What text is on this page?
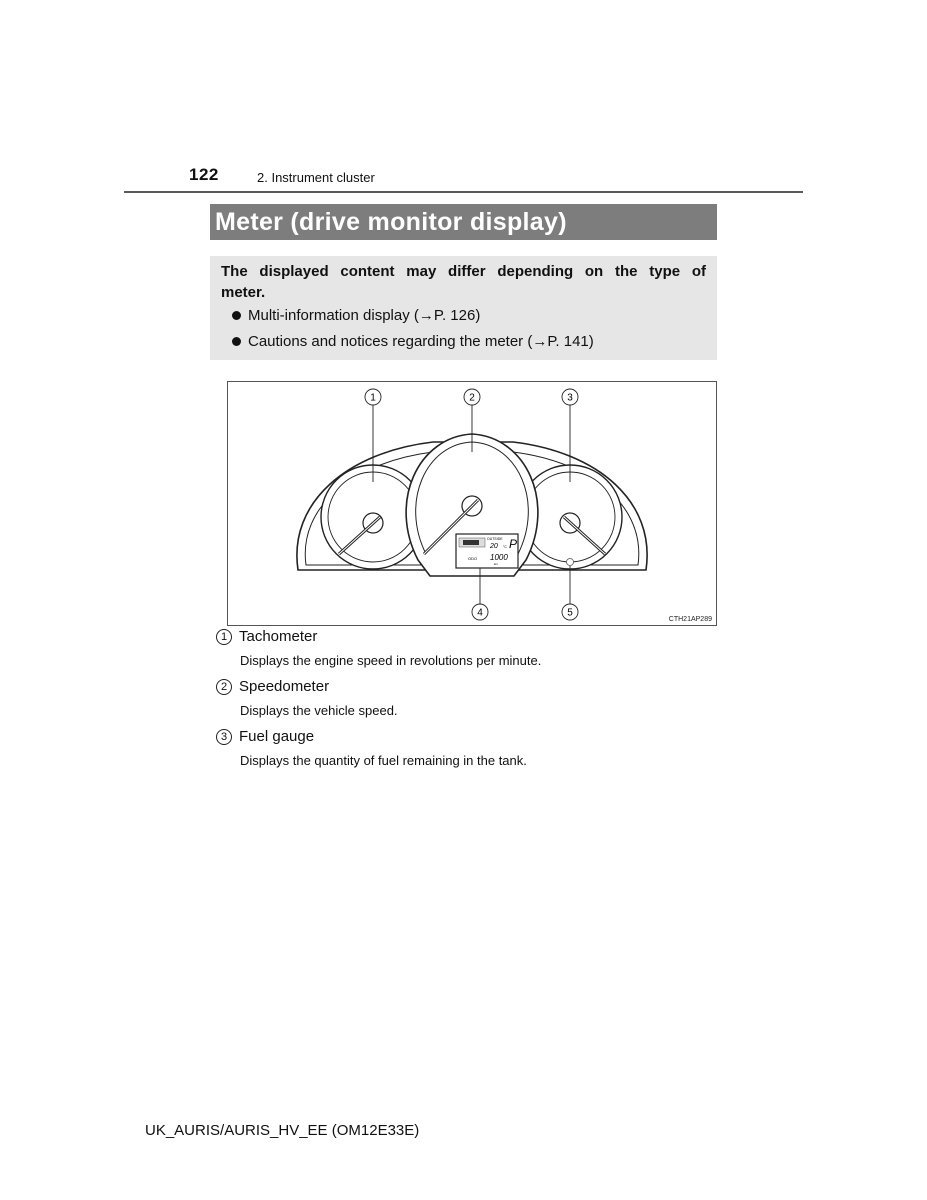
122	2. Instrument cluster
Meter (drive monitor display)

The displayed content may differ depending on the type of
meter.

Multi-information display (→P. 126)
Cautions and notices regarding the meter (→P. 141)
OUTSIDE
20 °C P
ODO 1000
km
1	2	3
4	5
CTH21AP289
1 Tachometer
Displays the engine speed in revolutions per minute.
2 Speedometer
Displays the vehicle speed.
3 Fuel gauge
Displays the quantity of fuel remaining in the tank.
UK_AURIS/AURIS_HV_EE (OM12E33E)
